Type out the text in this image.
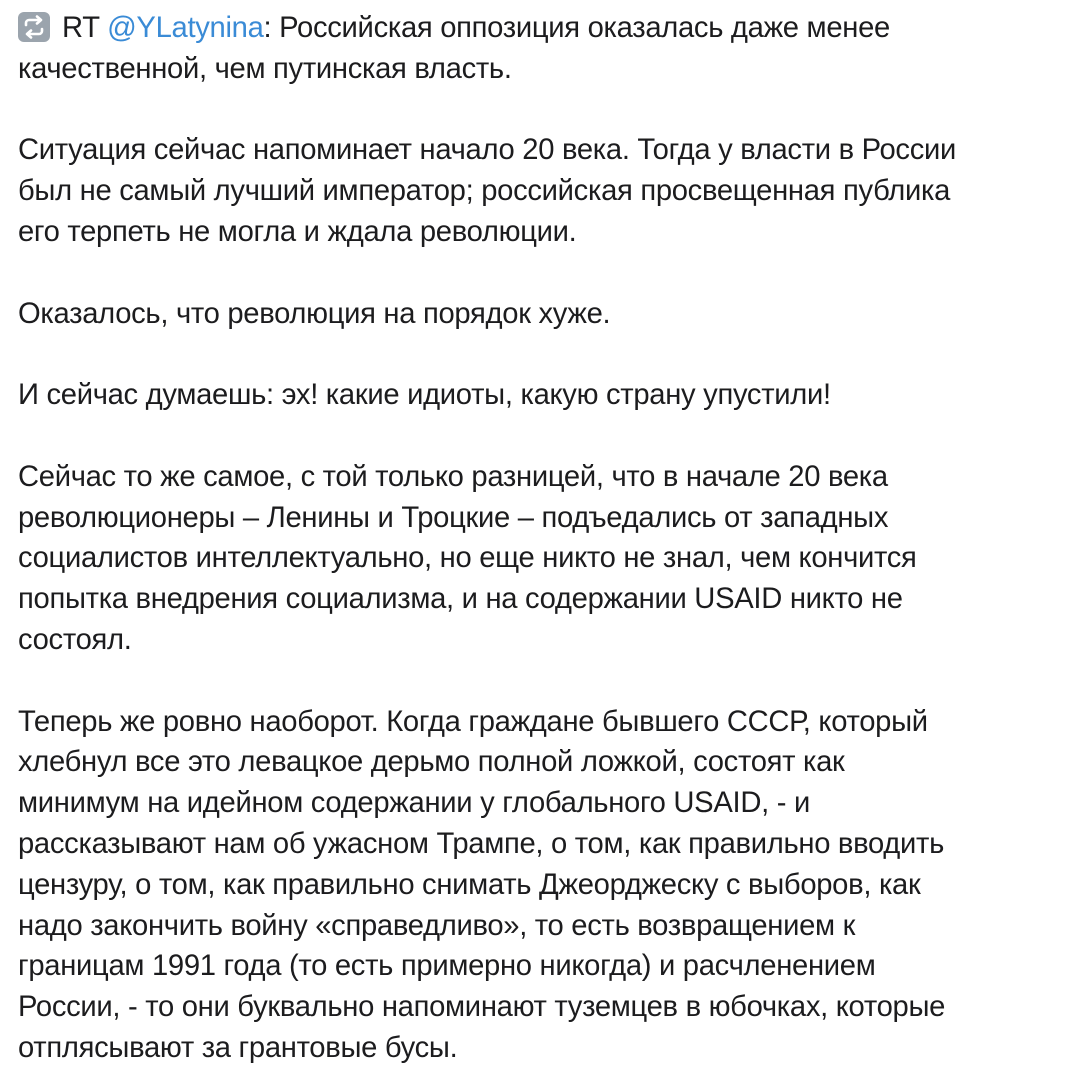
RT @YLatynina: Российская оппозиция оказалась даже менее
качественной, чем путинская власть.
Ситуация сейчас напоминает начало 20 века. Тогда у власти в России
был не самый лучший император; российская просвещенная публика
его терпеть не могла и ждала революции.
Оказалось, что революция на порядок хуже.
И сейчас думаешь: эх! какие идиоты, какую страну упустили!
Сейчас то же самое, с той только разницей, что в начале 20 века
революционеры – Ленины и Троцкие – подъедались от западных
социалистов интеллектуально, но еще никто не знал, чем кончится
попытка внедрения социализма, и на содержании USAID никто не
состоял.
Теперь же ровно наоборот. Когда граждане бывшего СССР, который
хлебнул все это левацкое дерьмо полной ложкой, состоят как
минимум на идейном содержании у глобального USAID, - и
рассказывают нам об ужасном Трампе, о том, как правильно вводить
цензуру, о том, как правильно снимать Джеорджеску с выборов, как
надо закончить войну «справедливо», то есть возвращением к
границам 1991 года (то есть примерно никогда) и расчленением
России, - то они буквально напоминают туземцев в юбочках, которые
отплясывают за грантовые бусы.
